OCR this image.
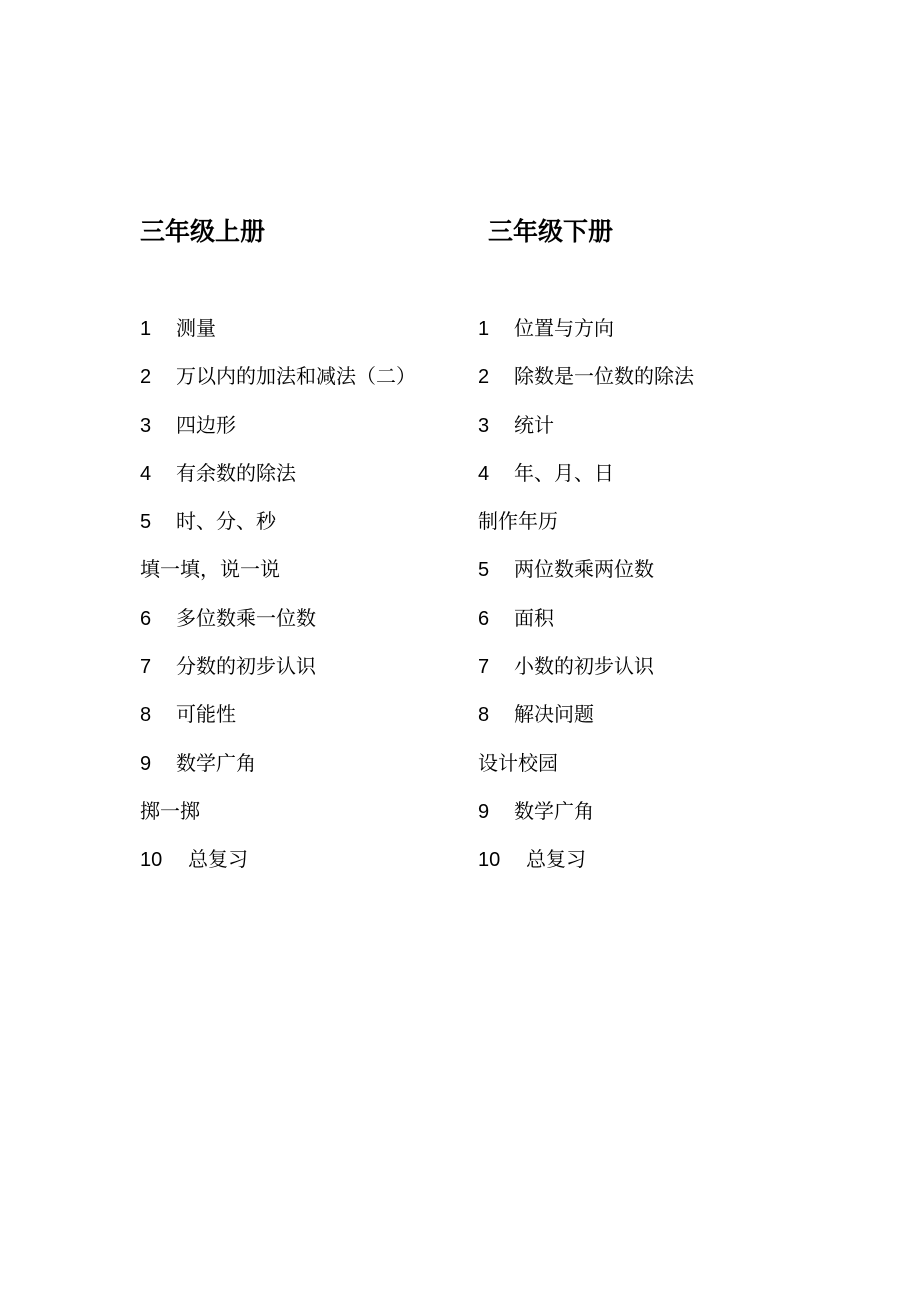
三年级上册
1 测量
2 万以内的加法和减法（二）
3 四边形
4 有余数的除法
5 时、分、秒
填一填，说一说
6 多位数乘一位数
7 分数的初步认识
8 可能性
9 数学广角
掷一掷
10 总复习
三年级下册
1 位置与方向
2 除数是一位数的除法
3 统计
4 年、月、日
制作年历
5 两位数乘两位数
6 面积
7 小数的初步认识
8 解决问题
设计校园
9 数学广角
10 总复习
